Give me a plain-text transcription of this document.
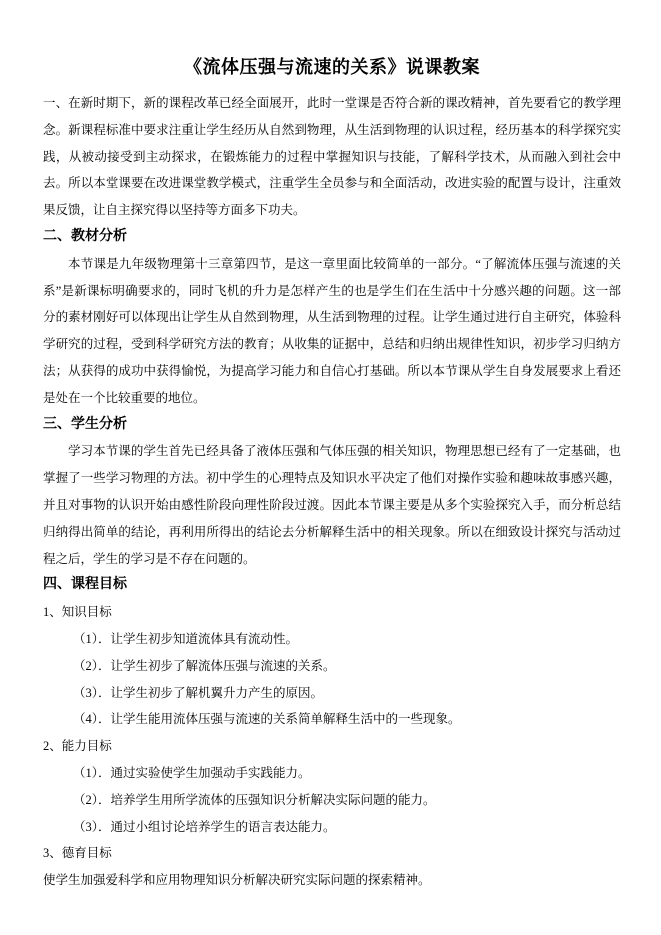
《流体压强与流速的关系》说课教案

一、在新时期下，新的课程改革已经全面展开，此时一堂课是否符合新的课改精神，首先要看它的教学理念。新课程标准中要求注重让学生经历从自然到物理，从生活到物理的认识过程，经历基本的科学探究实践，从被动接受到主动探求，在锻炼能力的过程中掌握知识与技能，了解科学技术，从而融入到社会中去。所以本堂课要在改进课堂教学模式，注重学生全员参与和全面活动，改进实验的配置与设计，注重效果反馈，让自主探究得以坚持等方面多下功夫。

二、教材分析

本节课是九年级物理第十三章第四节，是这一章里面比较简单的一部分。“了解流体压强与流速的关系”是新课标明确要求的，同时飞机的升力是怎样产生的也是学生们在生活中十分感兴趣的问题。这一部分的素材刚好可以体现出让学生从自然到物理，从生活到物理的过程。让学生通过进行自主研究，体验科学研究的过程，受到科学研究方法的教育；从收集的证据中，总结和归纳出规律性知识，初步学习归纳方法；从获得的成功中获得愉悦，为提高学习能力和自信心打基础。所以本节课从学生自身发展要求上看还是处在一个比较重要的地位。

三、学生分析

学习本节课的学生首先已经具备了液体压强和气体压强的相关知识，物理思想已经有了一定基础，也掌握了一些学习物理的方法。初中学生的心理特点及知识水平决定了他们对操作实验和趣味故事感兴趣，并且对事物的认识开始由感性阶段向理性阶段过渡。因此本节课主要是从多个实验探究入手，而分析总结归纳得出简单的结论，再利用所得出的结论去分析解释生活中的相关现象。所以在细致设计探究与活动过程之后，学生的学习是不存在问题的。

四、课程目标

1、知识目标

（1）．让学生初步知道流体具有流动性。

（2）．让学生初步了解流体压强与流速的关系。

（3）．让学生初步了解机翼升力产生的原因。

（4）．让学生能用流体压强与流速的关系简单解释生活中的一些现象。

2、能力目标

（1）．通过实验使学生加强动手实践能力。

（2）．培养学生用所学流体的压强知识分析解决实际问题的能力。

（3）．通过小组讨论培养学生的语言表达能力。

3、德育目标

使学生加强爱科学和应用物理知识分析解决研究实际问题的探索精神。
